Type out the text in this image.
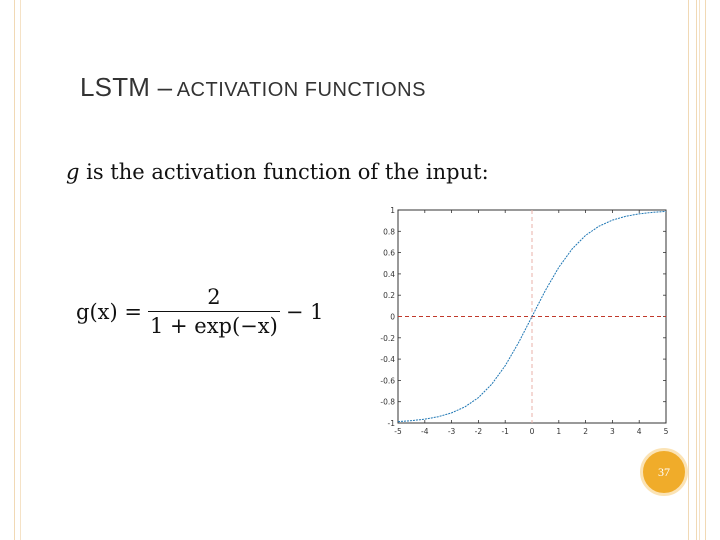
LSTM – ACTIVATION FUNCTIONS
g is the activation function of the input:
$g(x) = \frac{2}{1 + \exp(-x)} - 1$
-5	-4	-3	-2	-1	0	1	2	3	4	5
1
0.8
0.6
0.4
0.2
0
-0.2
-0.4
-0.6
-0.8
-1
37
